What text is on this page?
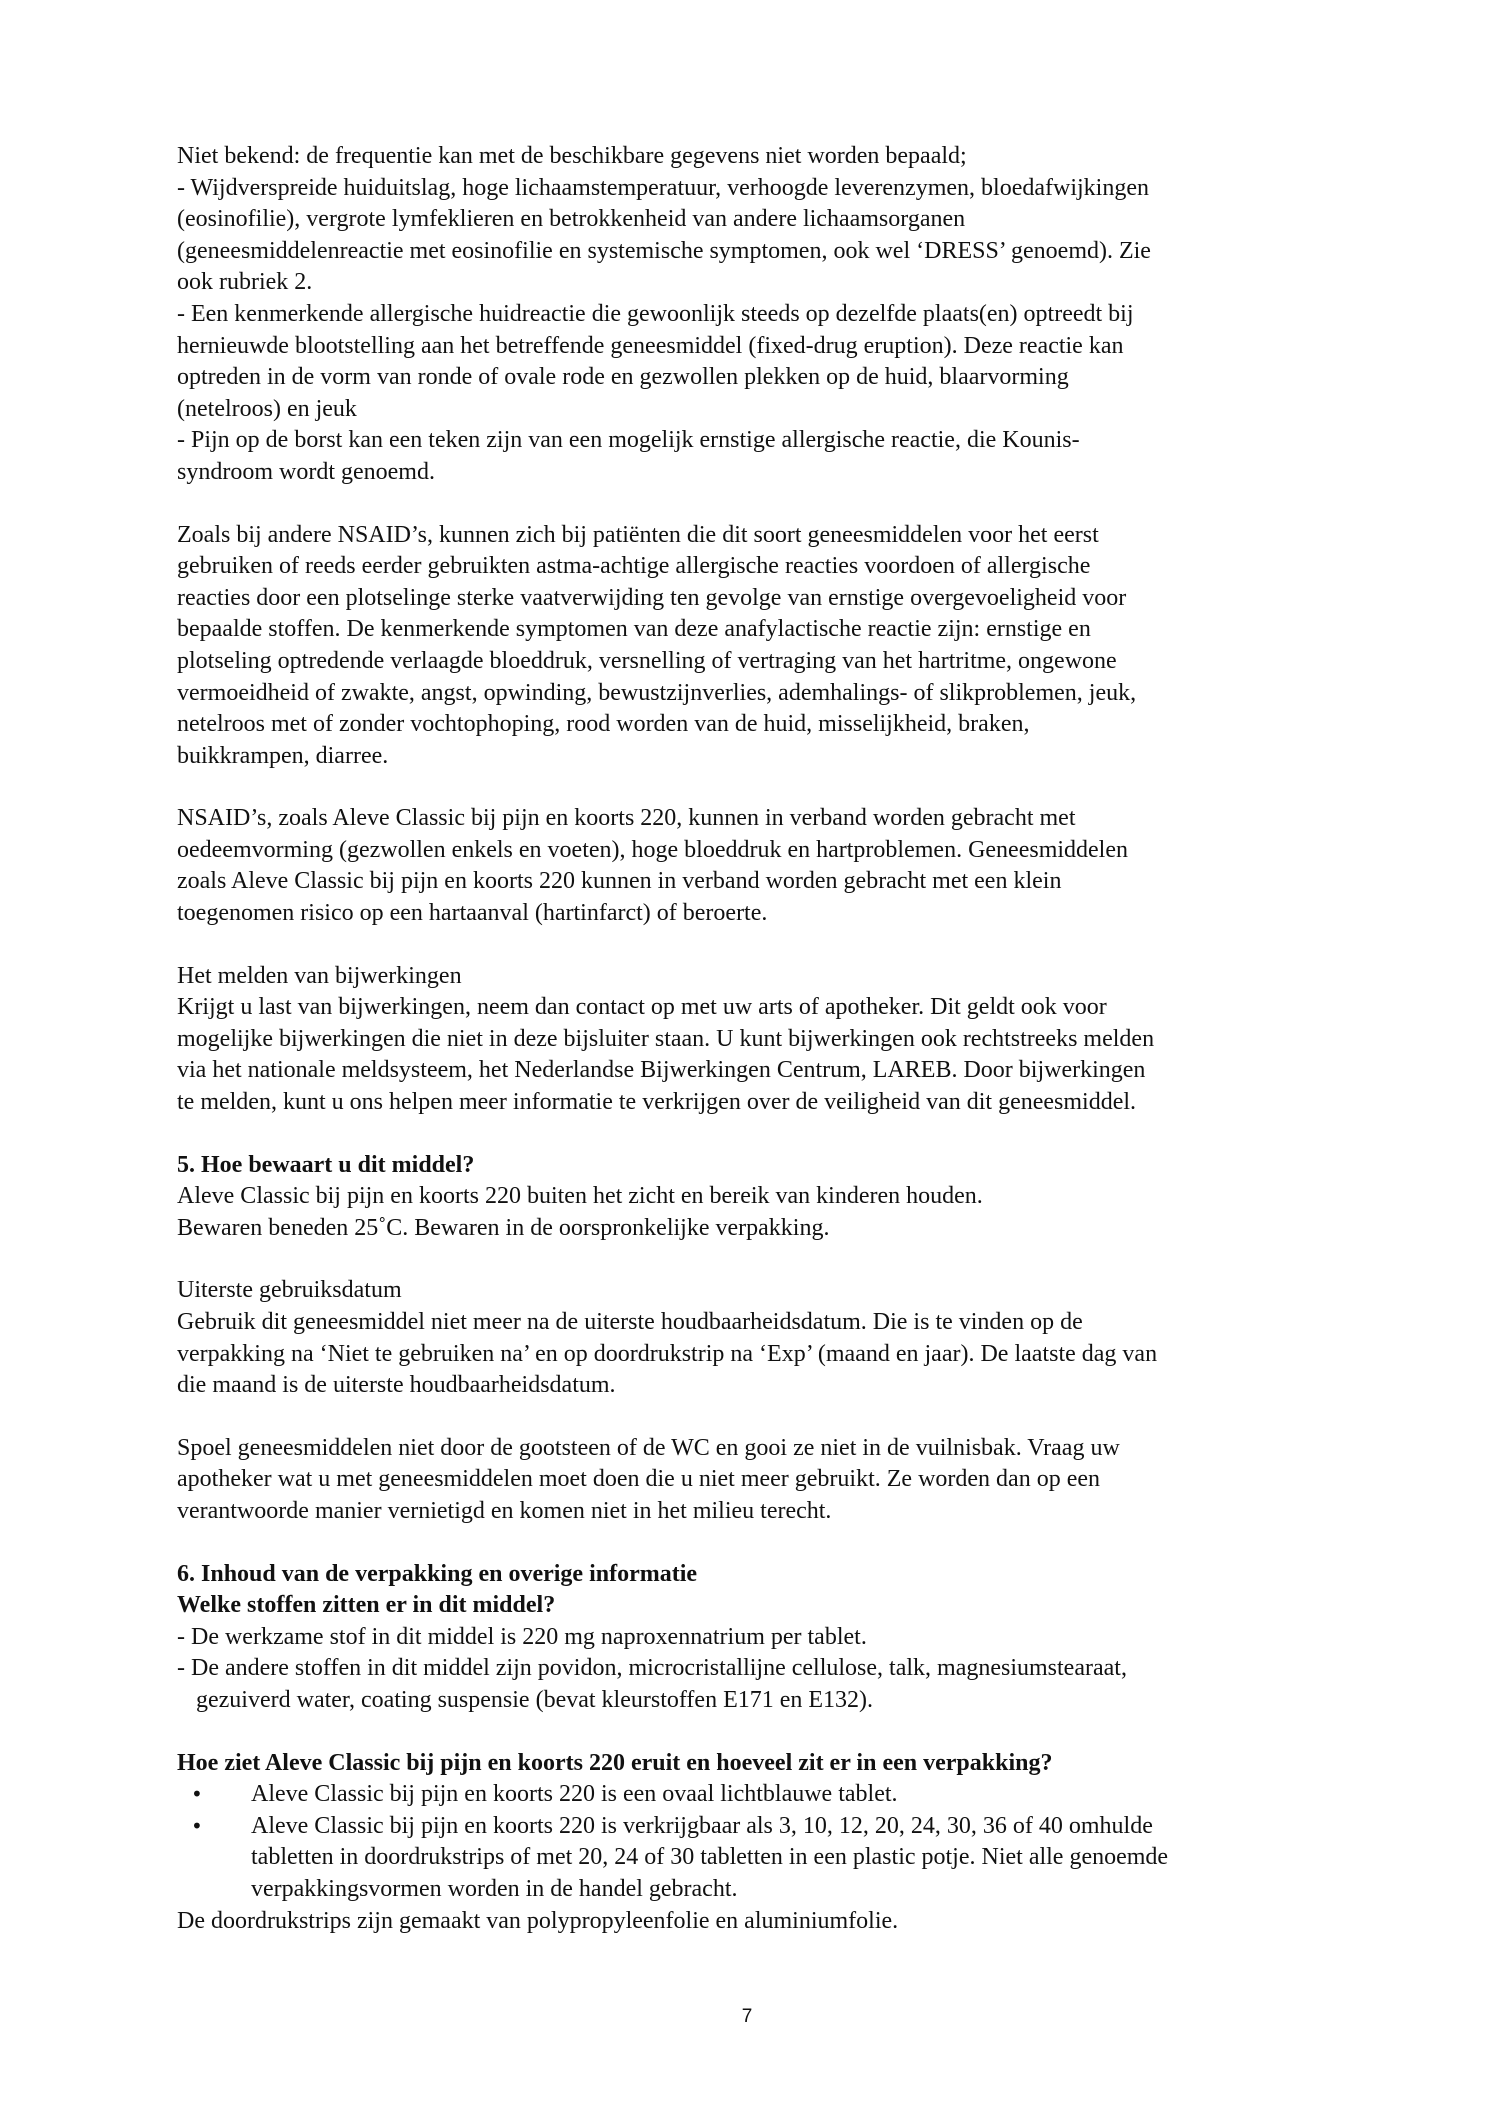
Niet bekend: de frequentie kan met de beschikbare gegevens niet worden bepaald;
- Wijdverspreide huiduitslag, hoge lichaamstemperatuur, verhoogde leverenzymen, bloedafwijkingen
(eosinofilie), vergrote lymfeklieren en betrokkenheid van andere lichaamsorganen
(geneesmiddelenreactie met eosinofilie en systemische symptomen, ook wel ‘DRESS’ genoemd). Zie
ook rubriek 2.
- Een kenmerkende allergische huidreactie die gewoonlijk steeds op dezelfde plaats(en) optreedt bij
hernieuwde blootstelling aan het betreffende geneesmiddel (fixed-drug eruption). Deze reactie kan
optreden in de vorm van ronde of ovale rode en gezwollen plekken op de huid, blaarvorming
(netelroos) en jeuk
- Pijn op de borst kan een teken zijn van een mogelijk ernstige allergische reactie, die Kounis-
syndroom wordt genoemd.

Zoals bij andere NSAID’s, kunnen zich bij patiënten die dit soort geneesmiddelen voor het eerst
gebruiken of reeds eerder gebruikten astma-achtige allergische reacties voordoen of allergische
reacties door een plotselinge sterke vaatverwijding ten gevolge van ernstige overgevoeligheid voor
bepaalde stoffen. De kenmerkende symptomen van deze anafylactische reactie zijn: ernstige en
plotseling optredende verlaagde bloeddruk, versnelling of vertraging van het hartritme, ongewone
vermoeidheid of zwakte, angst, opwinding, bewustzijnverlies, ademhalings- of slikproblemen, jeuk,
netelroos met of zonder vochtophoping, rood worden van de huid, misselijkheid, braken,
buikkrampen, diarree.

NSAID’s, zoals Aleve Classic bij pijn en koorts 220, kunnen in verband worden gebracht met
oedeemvorming (gezwollen enkels en voeten), hoge bloeddruk en hartproblemen. Geneesmiddelen
zoals Aleve Classic bij pijn en koorts 220 kunnen in verband worden gebracht met een klein
toegenomen risico op een hartaanval (hartinfarct) of beroerte.

Het melden van bijwerkingen
Krijgt u last van bijwerkingen, neem dan contact op met uw arts of apotheker. Dit geldt ook voor
mogelijke bijwerkingen die niet in deze bijsluiter staan. U kunt bijwerkingen ook rechtstreeks melden
via het nationale meldsysteem, het Nederlandse Bijwerkingen Centrum, LAREB. Door bijwerkingen
te melden, kunt u ons helpen meer informatie te verkrijgen over de veiligheid van dit geneesmiddel.

5. Hoe bewaart u dit middel?
Aleve Classic bij pijn en koorts 220 buiten het zicht en bereik van kinderen houden.
Bewaren beneden 25˚C. Bewaren in de oorspronkelijke verpakking.

Uiterste gebruiksdatum
Gebruik dit geneesmiddel niet meer na de uiterste houdbaarheidsdatum. Die is te vinden op de
verpakking na ‘Niet te gebruiken na’ en op doordrukstrip na ‘Exp’ (maand en jaar). De laatste dag van
die maand is de uiterste houdbaarheidsdatum.

Spoel geneesmiddelen niet door de gootsteen of de WC en gooi ze niet in de vuilnisbak. Vraag uw
apotheker wat u met geneesmiddelen moet doen die u niet meer gebruikt. Ze worden dan op een
verantwoorde manier vernietigd en komen niet in het milieu terecht.

6. Inhoud van de verpakking en overige informatie
Welke stoffen zitten er in dit middel?
- De werkzame stof in dit middel is 220 mg naproxennatrium per tablet.
- De andere stoffen in dit middel zijn povidon, microcristallijne cellulose, talk, magnesiumstearaat,
gezuiverd water, coating suspensie (bevat kleurstoffen E171 en E132).

Hoe ziet Aleve Classic bij pijn en koorts 220 eruit en hoeveel zit er in een verpakking?

• Aleve Classic bij pijn en koorts 220 is een ovaal lichtblauwe tablet.
• Aleve Classic bij pijn en koorts 220 is verkrijgbaar als 3, 10, 12, 20, 24, 30, 36 of 40 omhulde
tabletten in doordrukstrips of met 20, 24 of 30 tabletten in een plastic potje. Niet alle genoemde
verpakkingsvormen worden in de handel gebracht.

De doordrukstrips zijn gemaakt van polypropyleenfolie en aluminiumfolie.

7
